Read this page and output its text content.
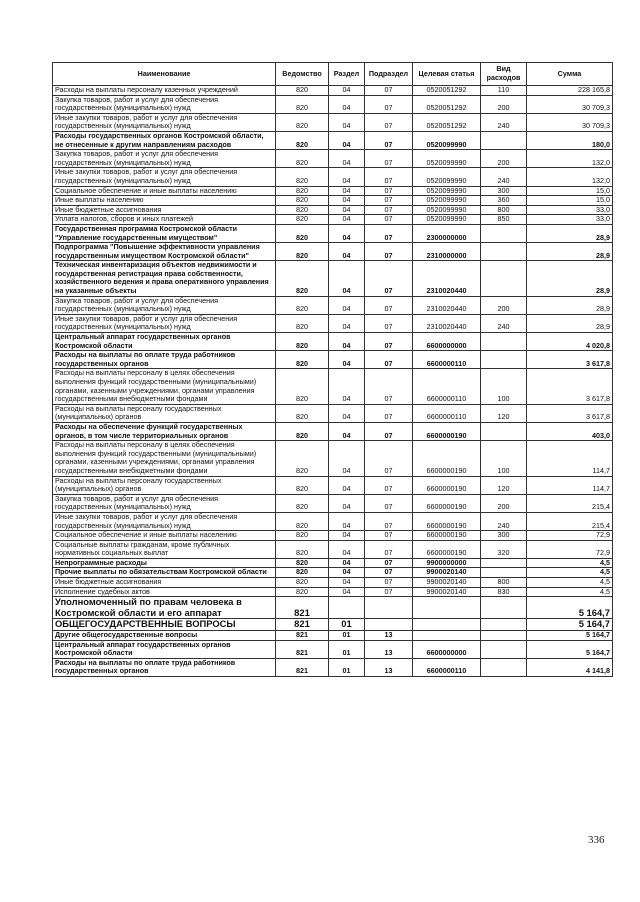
Наименование	Ведомство	Раздел	Подраздел	Целевая статья	Вид расходов	Сумма
Расходы на выплаты персоналу казенных учреждений	820	04	07	0520051292	110	228 165,8
Закупка товаров, работ и услуг для обеспечения государственных (муниципальных) нужд	820	04	07	0520051292	200	30 709,3
Иные закупки товаров, работ и услуг для обеспечения государственных (муниципальных) нужд	820	04	07	0520051292	240	30 709,3
Расходы государственных органов Костромской области, не отнесенные к другим направлениям расходов	820	04	07	0520099990		180,0
Закупка товаров, работ и услуг для обеспечения государственных (муниципальных) нужд	820	04	07	0520099990	200	132,0
Иные закупки товаров, работ и услуг для обеспечения государственных (муниципальных) нужд	820	04	07	0520099990	240	132,0
Социальное обеспечение и иные выплаты населению	820	04	07	0520099990	300	15,0
Иные выплаты населению	820	04	07	0520099990	360	15,0
Иные бюджетные ассигнования	820	04	07	0520099990	800	33,0
Уплата налогов, сборов и иных платежей	820	04	07	0520099990	850	33,0
Государственная программа Костромской области "Управление государственным имуществом"	820	04	07	2300000000		28,9
Подпрограмма "Повышение эффективности управления государственным имуществом Костромской области"	820	04	07	2310000000		28,9
Техническая инвентаризация объектов недвижимости и государственная регистрация права собственности, хозяйственного ведения и права оперативного управления на указанные объекты	820	04	07	2310020440		28,9
Закупка товаров, работ и услуг для обеспечения государственных (муниципальных) нужд	820	04	07	2310020440	200	28,9
Иные закупки товаров, работ и услуг для обеспечения государственных (муниципальных) нужд	820	04	07	2310020440	240	28,9
Центральный аппарат государственных органов Костромской области	820	04	07	6600000000		4 020,8
Расходы на выплаты по оплате труда работников государственных органов	820	04	07	6600000110		3 617,8
Расходы на выплаты персоналу в целях обеспечения выполнения функций государственными (муниципальными) органами, казенными учреждениями, органами управления государственными внебюджетными фондами	820	04	07	6600000110	100	3 617,8
Расходы на выплаты персоналу государственных (муниципальных) органов	820	04	07	6600000110	120	3 617,8
Расходы на обеспечение функций государственных органов, в том числе территориальных органов	820	04	07	6600000190		403,0
Расходы на выплаты персоналу в целях обеспечения выполнения функций государственными (муниципальными) органами, казенными учреждениями, органами управления государственными внебюджетными фондами	820	04	07	6600000190	100	114,7
Расходы на выплаты персоналу государственных (муниципальных) органов	820	04	07	6600000190	120	114,7
Закупка товаров, работ и услуг для обеспечения государственных (муниципальных) нужд	820	04	07	6600000190	200	215,4
Иные закупки товаров, работ и услуг для обеспечения государственных (муниципальных) нужд	820	04	07	6600000190	240	215,4
Социальное обеспечение и иные выплаты населению	820	04	07	6600000190	300	72,9
Социальные выплаты гражданам, кроме публичных нормативных социальных выплат	820	04	07	6600000190	320	72,9
Непрограммные расходы	820	04	07	9900000000		4,5
Прочие выплаты по обязательствам Костромской области	820	04	07	9900020140		4,5
Иные бюджетные ассигнования	820	04	07	9900020140	800	4,5
Исполнение судебных актов	820	04	07	9900020140	830	4,5
Уполномоченный по правам человека в Костромской области и его аппарат	821					5 164,7
ОБЩЕГОСУДАРСТВЕННЫЕ ВОПРОСЫ	821	01				5 164,7
Другие общегосударственные вопросы	821	01	13			5 164,7
Центральный аппарат государственных органов Костромской области	821	01	13	6600000000		5 164,7
Расходы на выплаты по оплате труда работников государственных органов	821	01	13	6600000110		4 141,8
336
